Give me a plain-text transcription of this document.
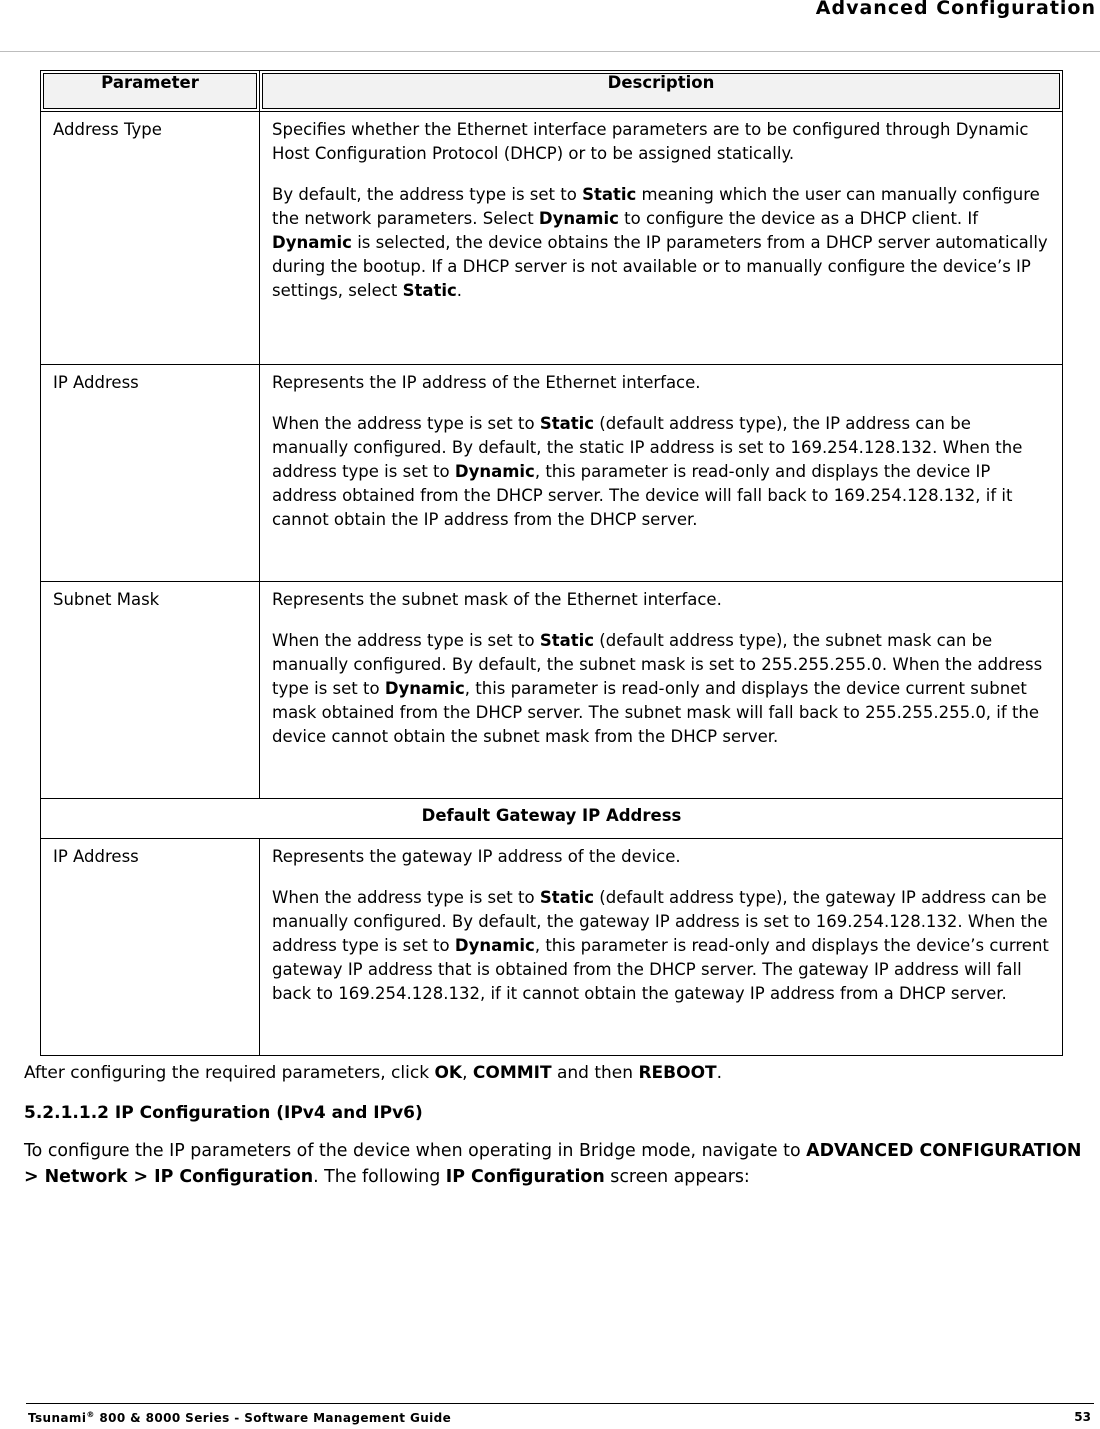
Advanced Configuration
Parameter	Description
Address Type	Specifies whether the Ethernet interface parameters are to be configured through Dynamic Host Configuration Protocol (DHCP) or to be assigned statically.

By default, the address type is set to Static meaning which the user can manually configure the network parameters. Select Dynamic to configure the device as a DHCP client. If Dynamic is selected, the device obtains the IP parameters from a DHCP server automatically during the bootup. If a DHCP server is not available or to manually configure the device’s IP settings, select Static.

IP Address	Represents the IP address of the Ethernet interface.

When the address type is set to Static (default address type), the IP address can be manually configured. By default, the static IP address is set to 169.254.128.132. When the address type is set to Dynamic, this parameter is read-only and displays the device IP address obtained from the DHCP server. The device will fall back to 169.254.128.132, if it cannot obtain the IP address from the DHCP server.

Subnet Mask	Represents the subnet mask of the Ethernet interface.

When the address type is set to Static (default address type), the subnet mask can be manually configured. By default, the subnet mask is set to 255.255.255.0. When the address type is set to Dynamic, this parameter is read-only and displays the device current subnet mask obtained from the DHCP server. The subnet mask will fall back to 255.255.255.0, if the device cannot obtain the subnet mask from the DHCP server.

Default Gateway IP Address	
IP Address	Represents the gateway IP address of the device.

When the address type is set to Static (default address type), the gateway IP address can be manually configured. By default, the gateway IP address is set to 169.254.128.132. When the address type is set to Dynamic, this parameter is read-only and displays the device’s current gateway IP address that is obtained from the DHCP server. The gateway IP address will fall back to 169.254.128.132, if it cannot obtain the gateway IP address from a DHCP server.

After configuring the required parameters, click OK, COMMIT and then REBOOT.

5.2.1.1.2 IP Configuration (IPv4 and IPv6)

To configure the IP parameters of the device when operating in Bridge mode, navigate to ADVANCED CONFIGURATION > Network > IP Configuration. The following IP Configuration screen appears:

Tsunami® 800 & 8000 Series - Software Management Guide	53
